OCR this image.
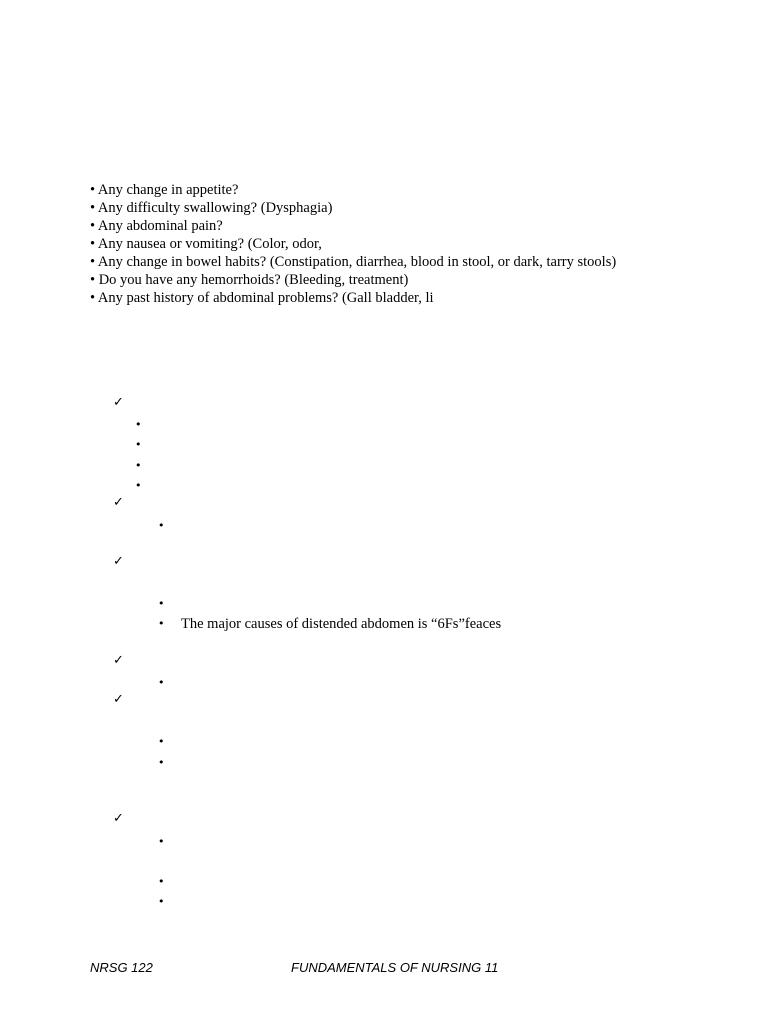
• Any change in appetite?
• Any difficulty swallowing? (Dysphagia)
• Any abdominal pain?
• Any nausea or vomiting? (Color, odor,
• Any change in bowel habits? (Constipation, diarrhea, blood in stool, or dark, tarry stools)
• Do you have any hemorrhoids? (Bleeding, treatment)
• Any past history of abdominal problems? (Gall bladder, li
✓
•
•
•
•
✓
•
✓
•
• The major causes of distended abdomen is “6Fs”feaces
✓
•
✓
•
•
✓
•
•
•
NRSG 122	FUNDAMENTALS OF NURSING 11
